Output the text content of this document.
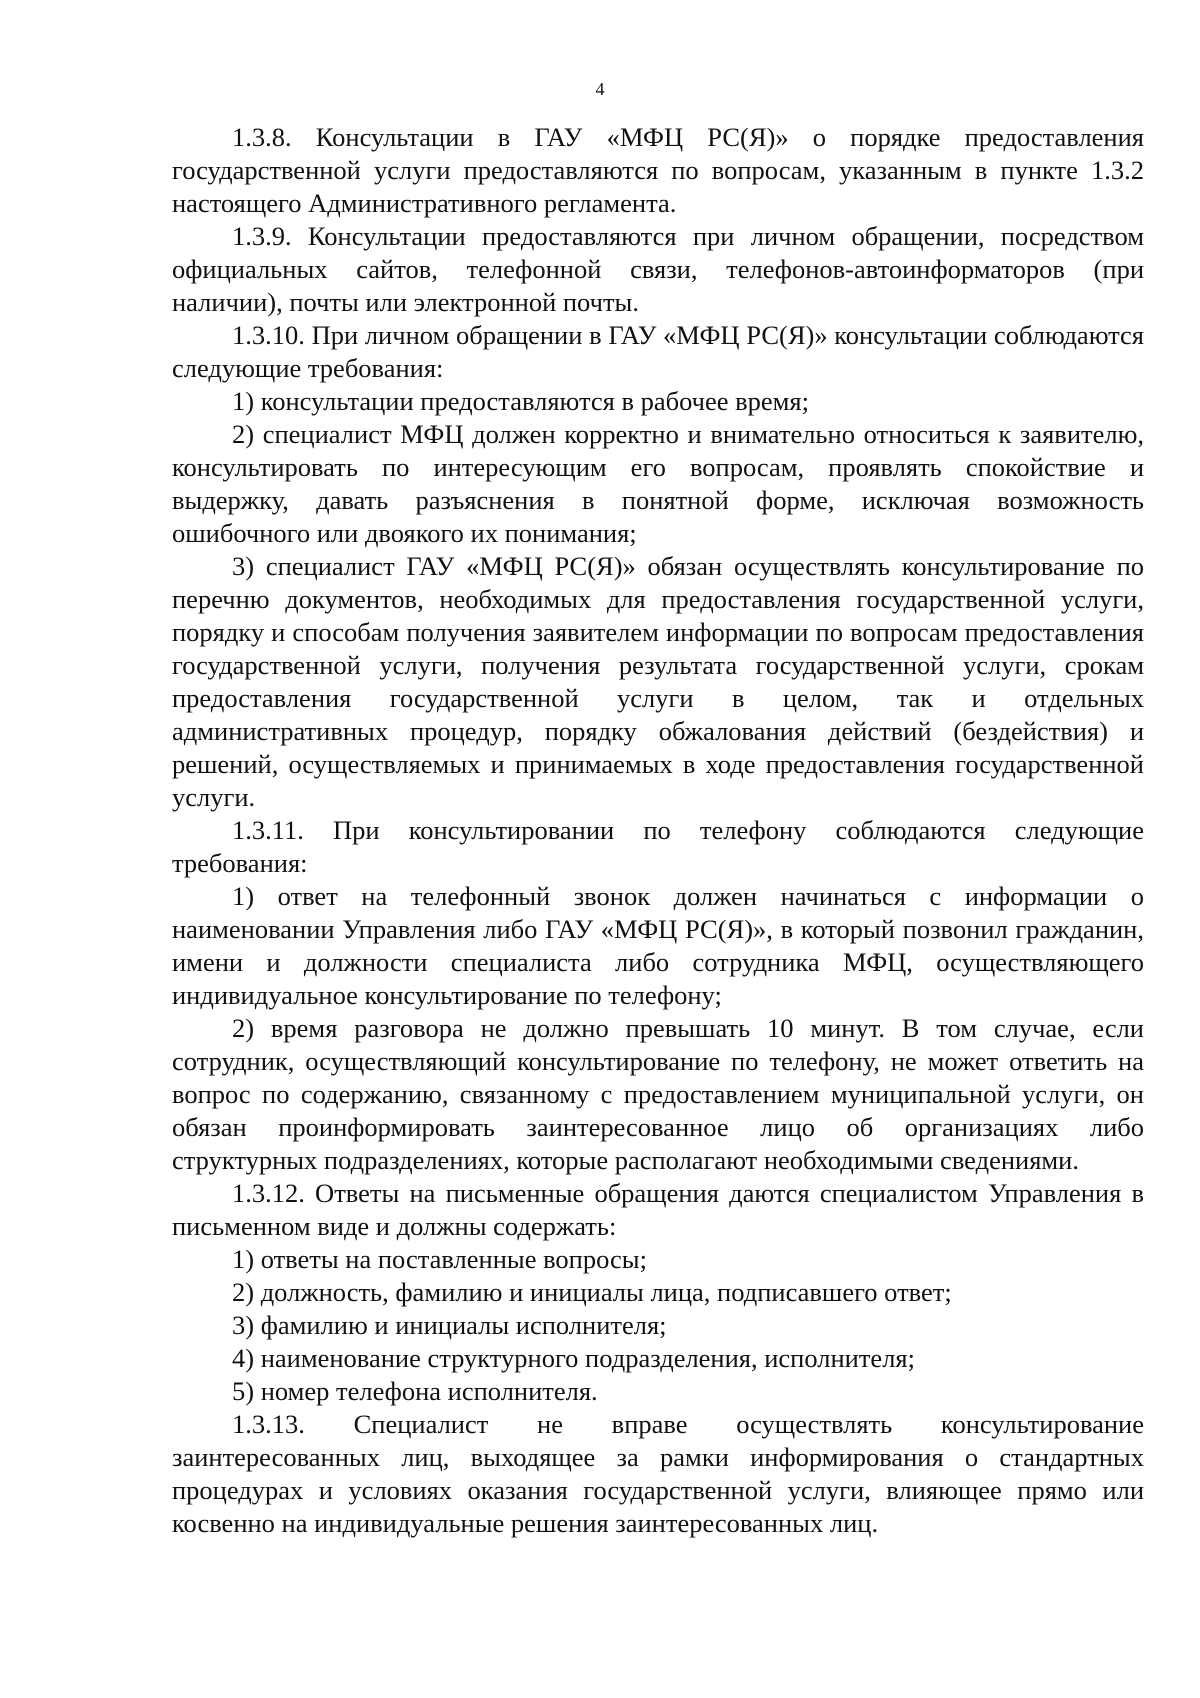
4

1.3.8. Консультации в ГАУ «МФЦ РС(Я)» о порядке предоставления государственной услуги предоставляются по вопросам, указанным в пункте 1.3.2 настоящего Административного регламента.

1.3.9. Консультации предоставляются при личном обращении, посредством официальных сайтов, телефонной связи, телефонов-автоинформаторов (при наличии), почты или электронной почты.

1.3.10. При личном обращении в ГАУ «МФЦ РС(Я)» консультации соблюдаются следующие требования:

1) консультации предоставляются в рабочее время;

2) специалист МФЦ должен корректно и внимательно относиться к заявителю, консультировать по интересующим его вопросам, проявлять спокойствие и выдержку, давать разъяснения в понятной форме, исключая возможность ошибочного или двоякого их понимания;

3) специалист ГАУ «МФЦ РС(Я)» обязан осуществлять консультирование по перечню документов, необходимых для предоставления государственной услуги, порядку и способам получения заявителем информации по вопросам предоставления государственной услуги, получения результата государственной услуги, срокам предоставления государственной услуги в целом, так и отдельных административных процедур, порядку обжалования действий (бездействия) и решений, осуществляемых и принимаемых в ходе предоставления государственной услуги.

1.3.11. При консультировании по телефону соблюдаются следующие требования:

1) ответ на телефонный звонок должен начинаться с информации о наименовании Управления либо ГАУ «МФЦ РС(Я)», в который позвонил гражданин, имени и должности специалиста либо сотрудника МФЦ, осуществляющего индивидуальное консультирование по телефону;

2) время разговора не должно превышать 10 минут. В том случае, если сотрудник, осуществляющий консультирование по телефону, не может ответить на вопрос по содержанию, связанному с предоставлением муниципальной услуги, он обязан проинформировать заинтересованное лицо об организациях либо структурных подразделениях, которые располагают необходимыми сведениями.

1.3.12. Ответы на письменные обращения даются специалистом Управления в письменном виде и должны содержать:

1) ответы на поставленные вопросы;

2) должность, фамилию и инициалы лица, подписавшего ответ;

3) фамилию и инициалы исполнителя;

4) наименование структурного подразделения, исполнителя;

5) номер телефона исполнителя.

1.3.13. Специалист не вправе осуществлять консультирование заинтересованных лиц, выходящее за рамки информирования о стандартных процедурах и условиях оказания государственной услуги, влияющее прямо или косвенно на индивидуальные решения заинтересованных лиц.
